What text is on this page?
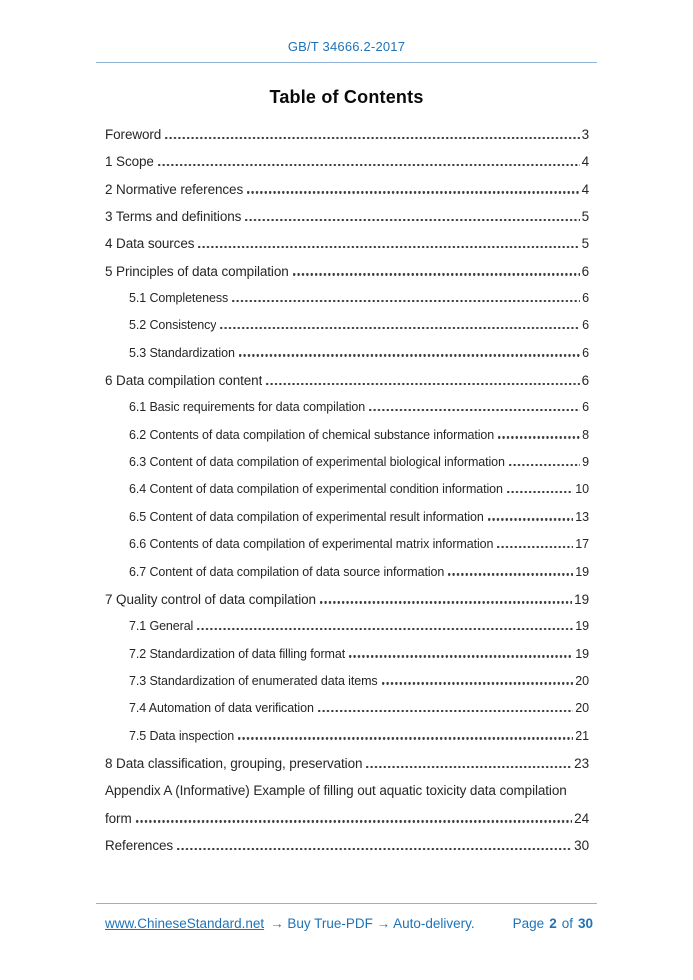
GB/T 34666.2-2017
Table of Contents
Foreword	3
1 Scope	4
2 Normative references	4
3 Terms and definitions	5
4 Data sources	5
5 Principles of data compilation	6
5.1 Completeness	6
5.2 Consistency	6
5.3 Standardization	6
6 Data compilation content	6
6.1 Basic requirements for data compilation	6
6.2 Contents of data compilation of chemical substance information	8
6.3 Content of data compilation of experimental biological information	9
6.4 Content of data compilation of experimental condition information	10
6.5 Content of data compilation of experimental result information	13
6.6 Contents of data compilation of experimental matrix information	17
6.7 Content of data compilation of data source information	19
7 Quality control of data compilation	19
7.1 General	19
7.2 Standardization of data filling format	19
7.3 Standardization of enumerated data items	20
7.4 Automation of data verification	20
7.5 Data inspection	21
8 Data classification, grouping, preservation	23
Appendix A (Informative) Example of filling out aquatic toxicity data compilation
form	24
References	30
www.ChineseStandard.net → Buy True-PDF → Auto-delivery.	Page 2 of 30
